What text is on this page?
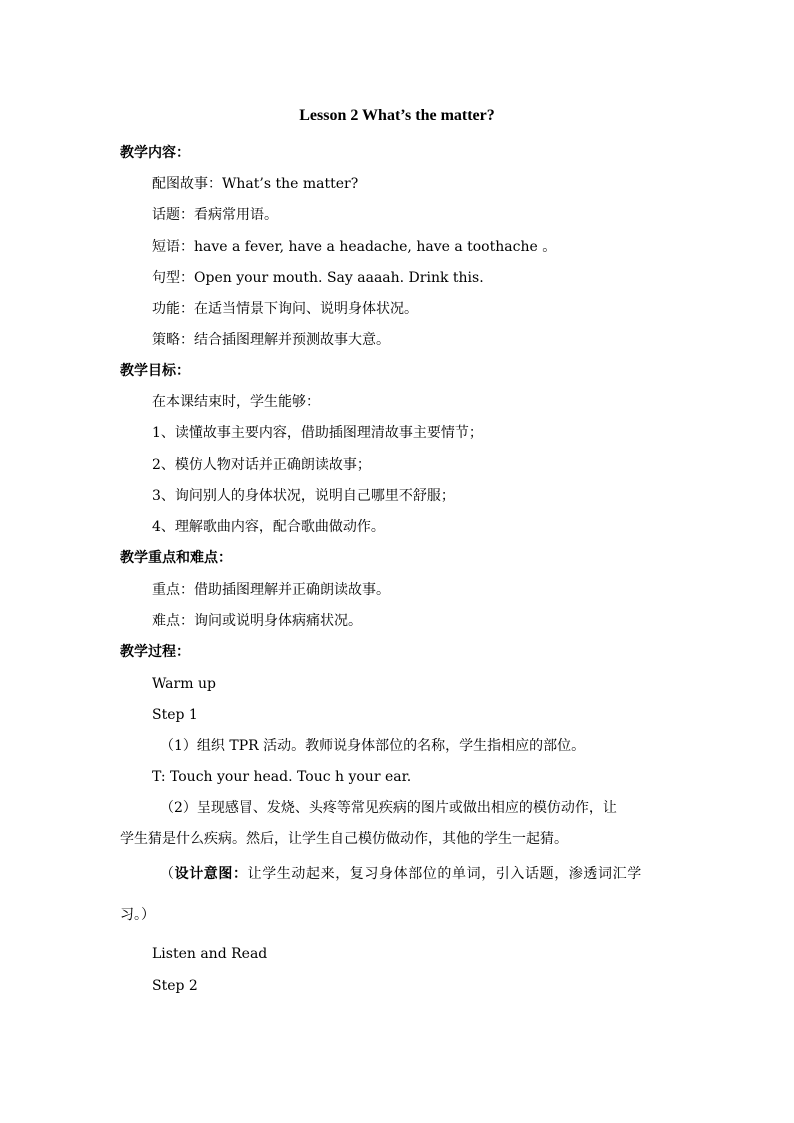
Lesson 2 What’s the matter?
教学内容：
配图故事：What’s the matter?
话题：看病常用语。
短语：have a fever, have a headache, have a toothache 。
句型：Open your mouth. Say aaaah. Drink this.
功能：在适当情景下询问、说明身体状况。
策略：结合插图理解并预测故事大意。
教学目标：
在本课结束时，学生能够：
1、读懂故事主要内容，借助插图理清故事主要情节；
2、模仿人物对话并正确朗读故事；
3、询问别人的身体状况，说明自己哪里不舒服；
4、理解歌曲内容，配合歌曲做动作。
教学重点和难点：
重点：借助插图理解并正确朗读故事。
难点：询问或说明身体病痛状况。
教学过程：
Warm up
Step 1
（1）组织 TPR 活动。教师说身体部位的名称，学生指相应的部位。
T: Touch your head. Touc h your ear.
（2）呈现感冒、发烧、头疼等常见疾病的图片或做出相应的模仿动作，让
学生猜是什么疾病。然后，让学生自己模仿做动作，其他的学生一起猜。
（设计意图：让学生动起来，复习身体部位的单词，引入话题，渗透词汇学
习。）
Listen and Read
Step 2
